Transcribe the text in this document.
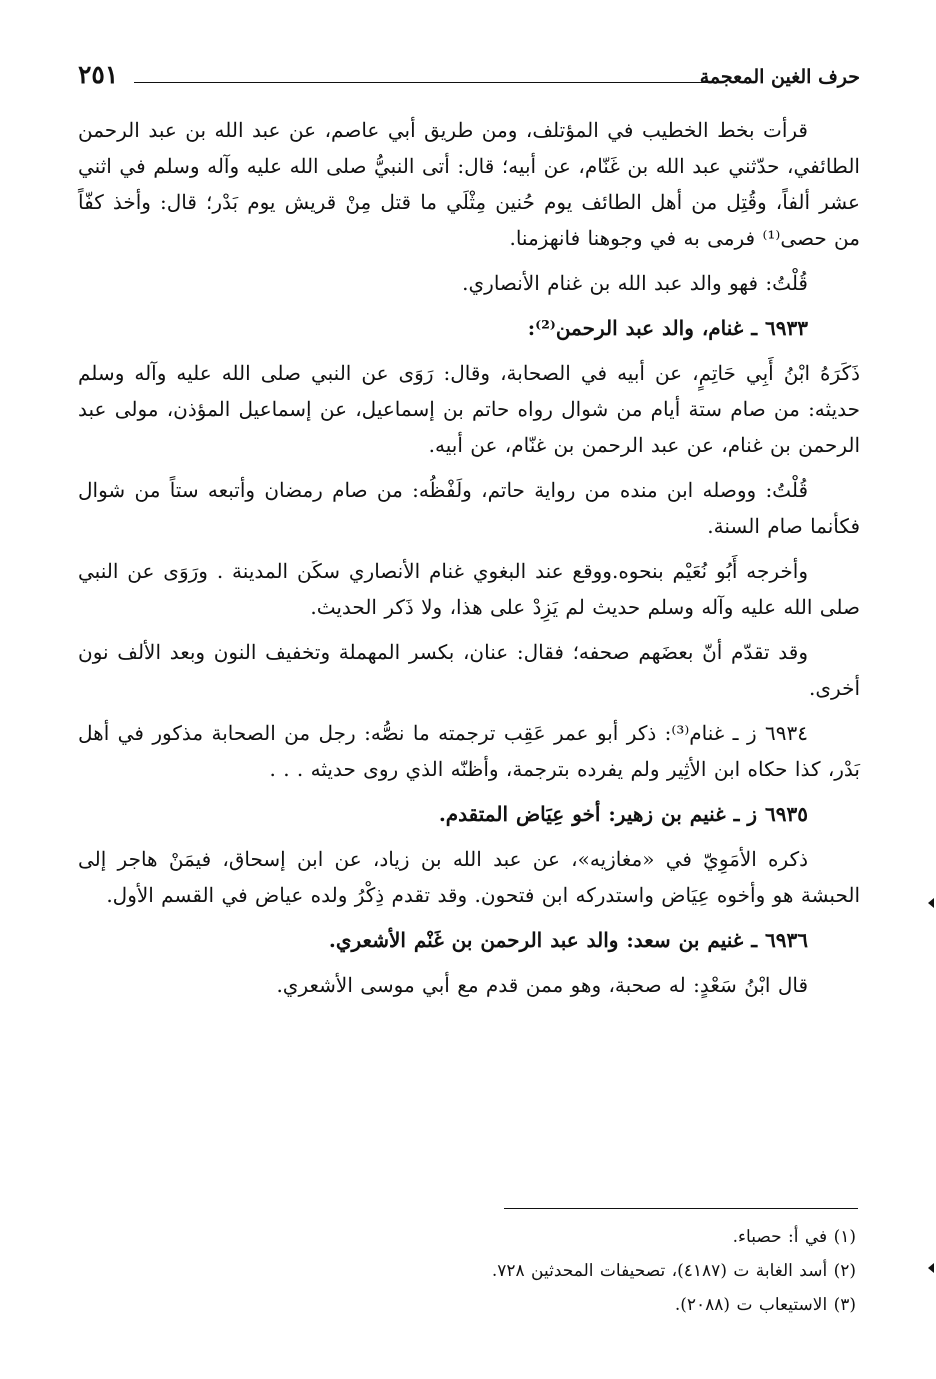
حرف الغين المعجمة
٢٥١

قرأت بخط الخطيب في المؤتلف، ومن طريق أبي عاصم، عن عبد الله بن عبد الرحمن الطائفي، حدّثني عبد الله بن غَنّام، عن أبيه؛ قال: أتى النبيُّ صلى الله عليه وآله وسلم في اثني عشر ألفاً، وقُتِل من أهل الطائف يوم حُنين مِثْلَي ما قتل مِنْ قريش يوم بَدْر؛ قال: وأخذ كفّاً من حصى⁽¹⁾ فرمى به في وجوهنا فانهزمنا.

قُلْتُ: فهو والد عبد الله بن غنام الأنصاري.

٦٩٣٣ ـ غنام، والد عبد الرحمن⁽²⁾:

ذَكَرَهُ ابْنُ أَبِي حَاتِمٍ، عن أبيه في الصحابة، وقال: رَوَى عن النبي صلى الله عليه وآله وسلم حديثه: من صام ستة أيام من شوال رواه حاتم بن إسماعيل، عن إسماعيل المؤذن، مولى عبد الرحمن بن غنام، عن عبد الرحمن بن غنّام، عن أبيه.

قُلْتُ: ووصله ابن منده من رواية حاتم، ولَفْظُه: من صام رمضان وأتبعه ستاً من شوال فكأنما صام السنة.

وأخرجه أَبُو نُعَيْم بنحوه.ووقع عند البغوي غنام الأنصاري سكَن المدينة . ورَوَى عن النبي صلى الله عليه وآله وسلم حديث لم يَزِدْ على هذا، ولا ذَكر الحديث.

وقد تقدّم أنّ بعضَهم صحفه؛ فقال: عنان، بكسر المهملة وتخفيف النون وبعد الألف نون أخرى.

٦٩٣٤ ز ـ غنام⁽³⁾: ذكر أبو عمر عَقِب ترجمته ما نصُّه: رجل من الصحابة مذكور في أهل بَدْر، كذا حكاه ابن الأثِير ولم يفرده بترجمة، وأظنّه الذي روى حديثه . . .

٦٩٣٥ ز ـ غنيم بن زهير: أخو عِيَاض المتقدم.

ذكره الأمَوِيّ في «مغازيه»، عن عبد الله بن زياد، عن ابن إسحاق، فيمَنْ هاجر إلى الحبشة هو وأخوه عِيَاض واستدركه ابن فتحون. وقد تقدم ذِكْرُ ولده عياض في القسم الأول.

٦٩٣٦ ـ غنيم بن سعد: والد عبد الرحمن بن غَنْم الأشعري.

قال ابْنُ سَعْدٍ: له صحبة، وهو ممن قدم مع أبي موسى الأشعري.

(١) في أ: حصباء.

(٢) أسد الغابة ت (٤١٨٧)، تصحيفات المحدثين ٧٢٨.

(٣) الاستيعاب ت (٢٠٨٨).
